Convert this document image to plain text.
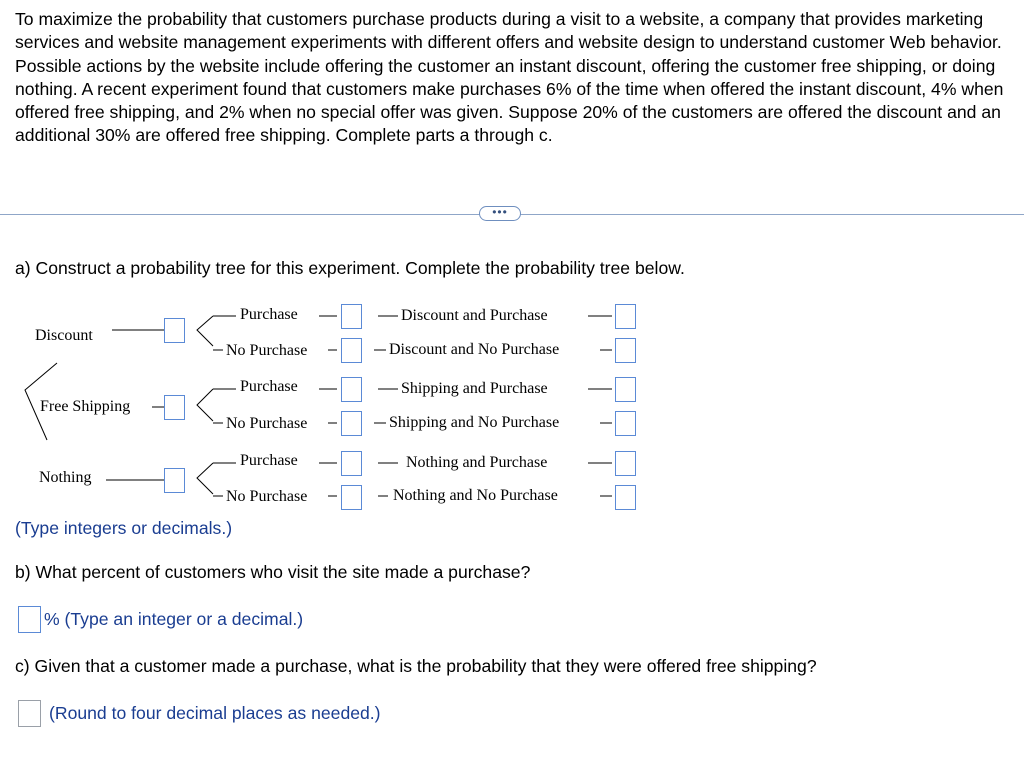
To maximize the probability that customers purchase products during a visit to a website, a company that provides marketing services and website management experiments with different offers and website design to understand customer Web behavior. Possible actions by the website include offering the customer an instant discount, offering the customer free shipping, or doing nothing. A recent experiment found that customers make purchases 6% of the time when offered the instant discount, 4% when offered free shipping, and 2% when no special offer was given. Suppose 20% of the customers are offered the discount and an additional 30% are offered free shipping. Complete parts a through c.

•••

a) Construct a probability tree for this experiment. Complete the probability tree below.

Discount
Free Shipping
Nothing
Purchase
No Purchase
Purchase
No Purchase
Purchase
No Purchase
Discount and Purchase
Discount and No Purchase
Shipping and Purchase
Shipping and No Purchase
Nothing and Purchase
Nothing and No Purchase
(Type integers or decimals.)
b) What percent of customers who visit the site made a purchase?
% (Type an integer or a decimal.)
c) Given that a customer made a purchase, what is the probability that they were offered free shipping?
(Round to four decimal places as needed.)
